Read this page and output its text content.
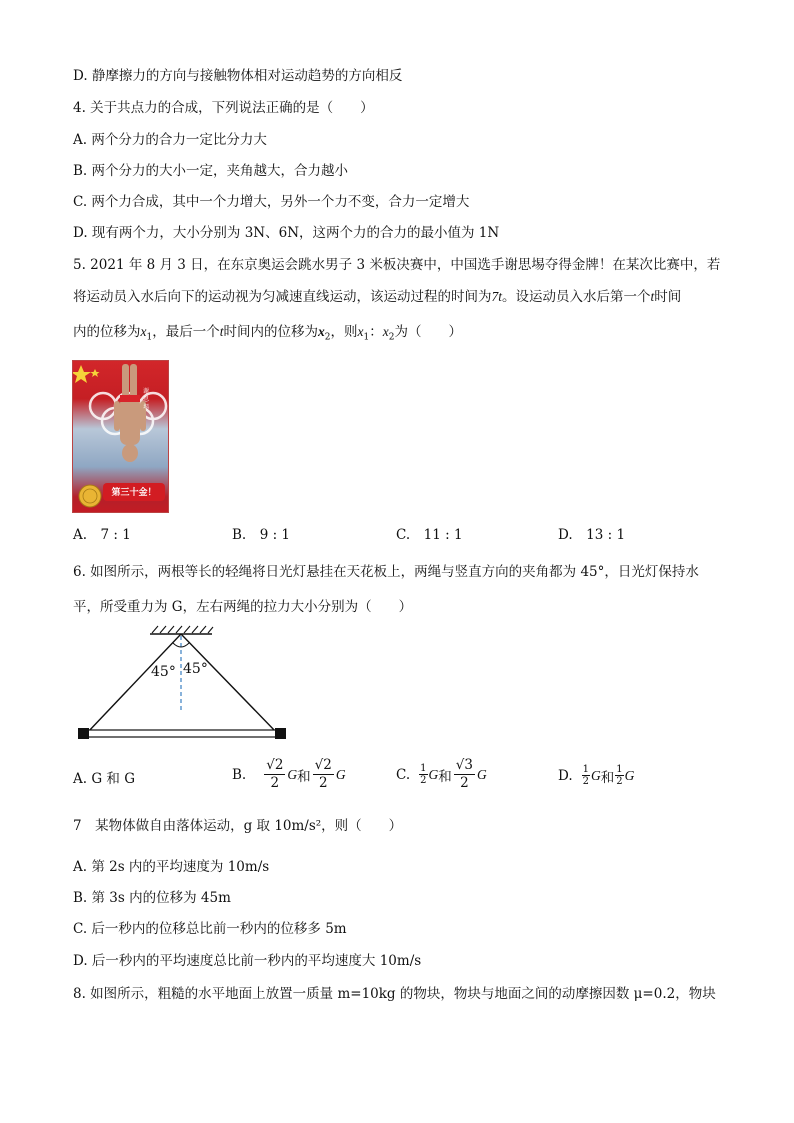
D. 静摩擦力的方向与接触物体相对运动趋势的方向相反
4. 关于共点力的合成，下列说法正确的是（　　）
A. 两个分力的合力一定比分力大
B. 两个分力的大小一定，夹角越大，合力越小
C. 两个力合成，其中一个力增大，另外一个力不变，合力一定增大
D. 现有两个力，大小分别为 3N、6N，这两个力的合力的最小值为 1N
5. 2021 年 8 月 3 日，在东京奥运会跳水男子 3 米板决赛中，中国选手谢思埸夺得金牌！在某次比赛中，若
将运动员入水后向下的运动视为匀减速直线运动，该运动过程的时间为7t。设运动员入水后第一个t时间
内的位移为$x_1$，最后一个t时间内的位移为$x_2$，则$x_1$：$x_2$为（　　）
谢
思
埸
第三十金！
A.　7 : 1	B.　9 : 1	C.　11 : 1	D.　13 : 1
6. 如图所示，两根等长的轻绳将日光灯悬挂在天花板上，两绳与竖直方向的夹角都为 45°，日光灯保持水
平，所受重力为 G，左右两绳的拉力大小分别为（　　）
45° 45°
A. G 和 G	B. $\frac{√2}{2}$ G 和 $\frac{√2}{2}$ G	C. 1
2 G 和 $\frac{√3}{2}$ G	D. 1
2 G 和 1
2 G
7　某物体做自由落体运动，g 取 10m/s²，则（　　）
A. 第 2s 内的平均速度为 10m/s
B. 第 3s 内的位移为 45m
C. 后一秒内的位移总比前一秒内的位移多 5m
D. 后一秒内的平均速度总比前一秒内的平均速度大 10m/s
8. 如图所示，粗糙的水平地面上放置一质量 m=10kg 的物块，物块与地面之间的动摩擦因数 μ=0.2，物块
